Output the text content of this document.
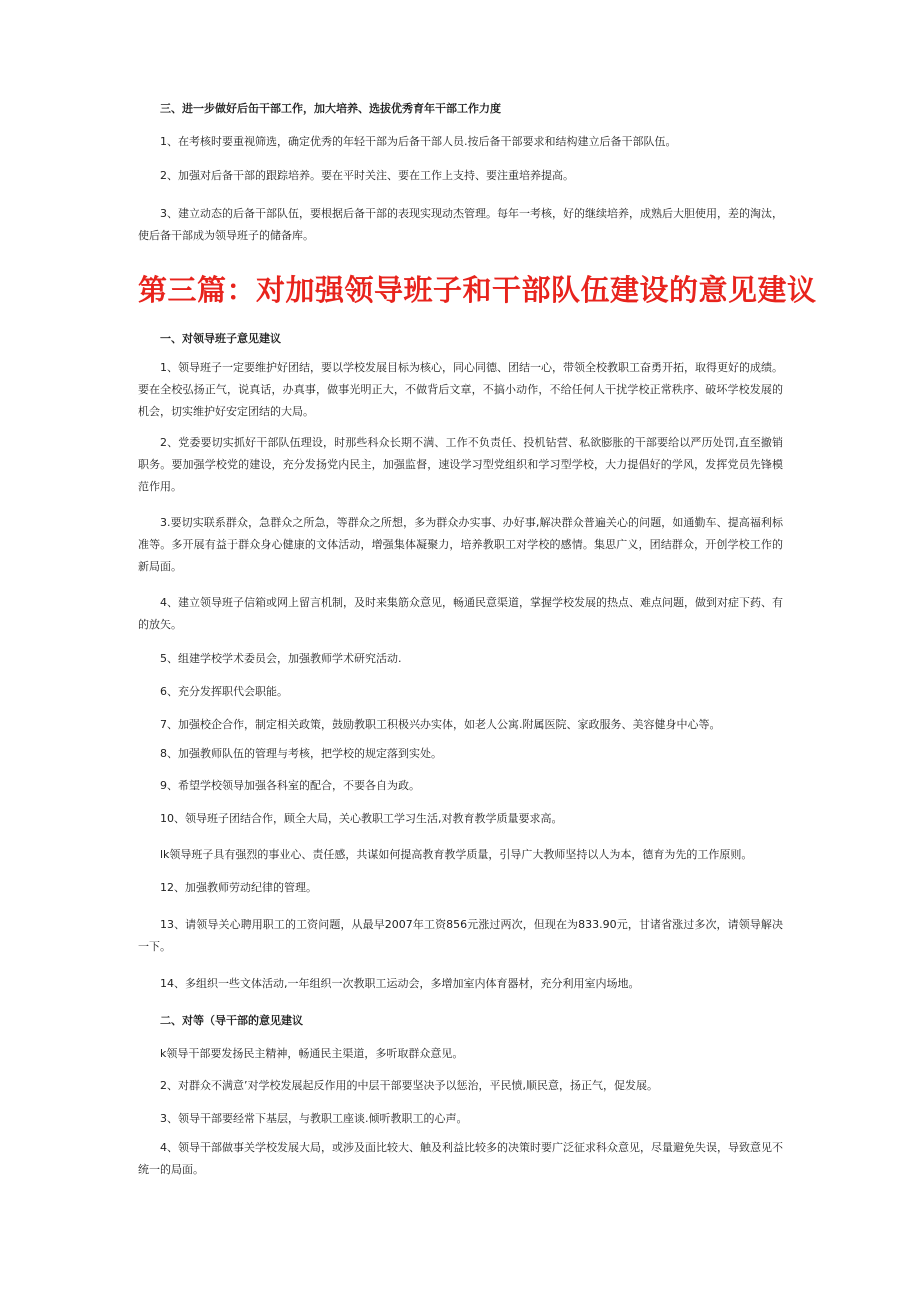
三、进一步做好后缶干部工作，加大培养、选拔优秀育年干部工作力度

1、在考核时要重视筛选，确定优秀的年轻干部为后备干部人员.按后备干部要求和结构建立后备干部队伍。

2、加强对后备干部的跟踪培养。要在平时关注、要在工作上支持、要注重培养提高。

3、建立动态的后备干部队伍，要根据后备干部的表现实现动杰管理。每年一考核，好的继续培养，成熟后大胆使用，差的淘汰，使后备干部成为领导班子的储备库。

第三篇：对加强领导班子和干部队伍建设的意见建议

一、对领导班子意见建议

1、领导班子一定要维护好团结，要以学校发展目标为核心，同心同德、团结一心，带领全校教职工奋勇开拓，取得更好的成绩。要在全校弘扬正气，说真话，办真事，做事光明正大，不做背后文章，不搞小动作，不给任何人干扰学校正常秩序、破坏学校发展的机会，切实维护好安定团结的大局。

2、党委要切实抓好干部队伍理设，时那些科众长期不满、工作不负责任、投机钻营、私欲膨胀的干部要给以严历处罚,直至撤销职务。要加强学校党的建设，充分发扬党内民主，加强监督，速设学习型党组织和学习型学校，大力提倡好的学风，发挥党员先锋模范作用。

3.要切实联系群众，急群众之所急，等群众之所想，多为群众办实事、办好事,解决群众普遍关心的问题，如通勤车、提高福利标准等。多开展有益于群众身心健康的文体活动，增强集体凝聚力，培养教职工对学校的感情。集思广义，团结群众，开创学校工作的新局面。

4、建立领导班子信箱或网上留言机制，及时来集筋众意见，畅通民意渠道，掌握学校发展的热点、难点问题，做到对症下药、有的放矢。

5、组建学校学术委员会，加强教师学术研究活动.

6、充分发挥职代会职能。

7、加强校企合作，制定相关政策，鼓励教职工积极兴办实体，如老人公寓.附属医院、家政服务、美容健身中心等。

8、加强教师队伍的管理与考核，把学校的规定落到实处。

9、希望学校领导加强各科室的配合，不要各自为政。

10、领导班子团结合作，顾全大局，关心教职工学习生活,对教育教学质量要求高。

lk领导班子具有强烈的事业心、责任感，共谋如何提高教育教学质量，引导广大教师坚持以人为本，德育为先的工作原则。

12、加强教师劳动纪律的管理。

13、请领导关心聘用职工的工资问题，从最早2007年工资856元涨过两次，但现在为833.90元，甘诸省涨过多次，请领导解决一下。

14、多组织一些文体活动,一年组织一次教职工运动会，多增加室内体育器材，充分利用室内场地。

二、对等（导干部的意见建议

k领导干部要发扬民主精神，畅通民主渠道，多听取群众意见。

2、对群众不满意’对学校发展起反作用的中层干部要坚决予以惩治，平民愤,顺民意，扬正气，促发展。

3、领导干部要经常下基层，与教职工座谈.倾听教职工的心声。

4、领导干部做事关学校发展大局，或涉及面比较大、触及利益比较多的决策时要广泛征求科众意见，尽量避免失误，导致意见不统一的局面。
